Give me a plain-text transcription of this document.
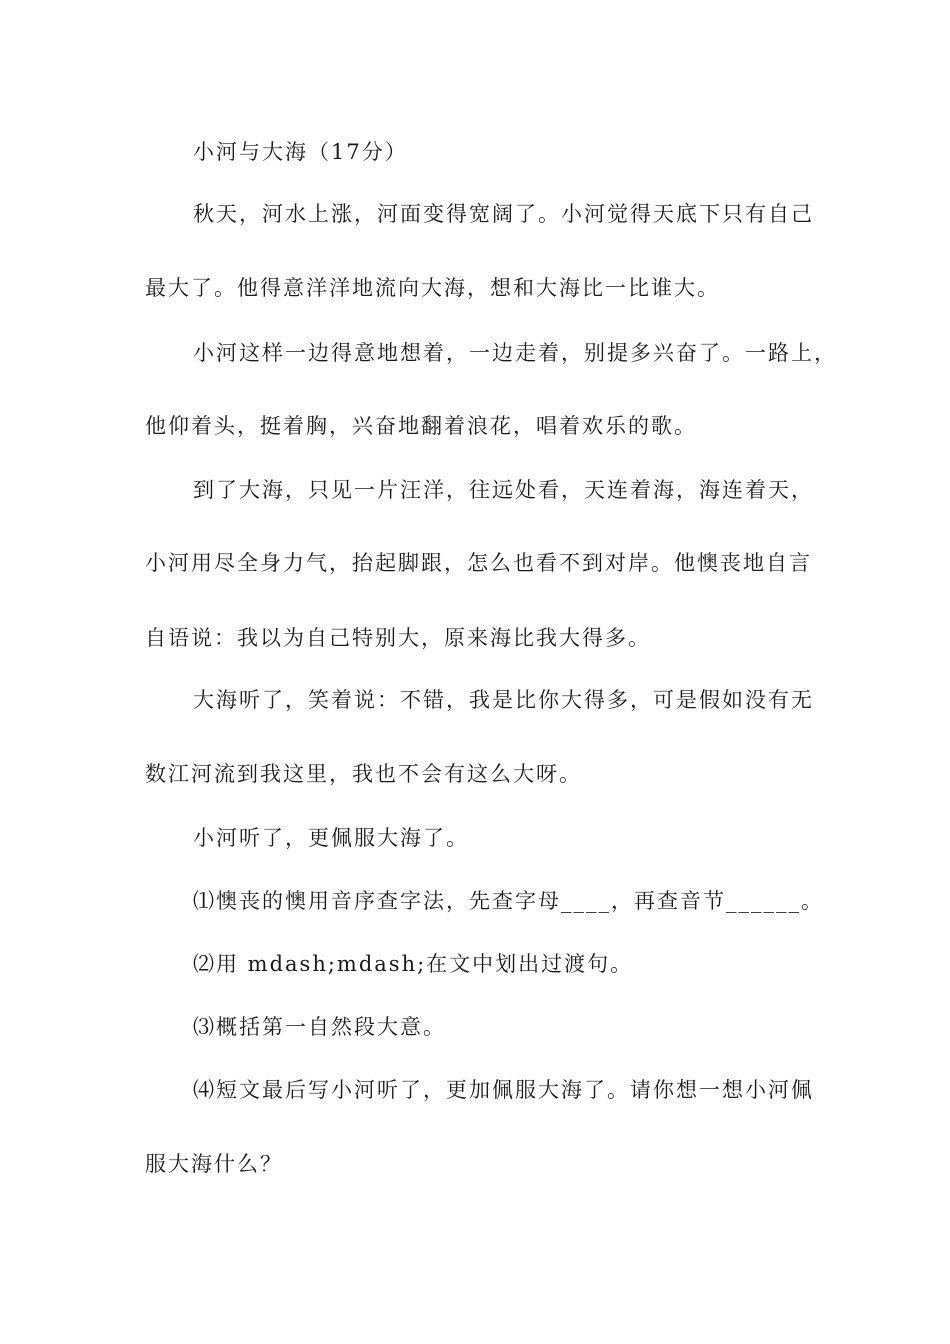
小河与大海（17分）
秋天，河水上涨，河面变得宽阔了。小河觉得天底下只有自己
最大了。他得意洋洋地流向大海，想和大海比一比谁大。
小河这样一边得意地想着，一边走着，别提多兴奋了。一路上，
他仰着头，挺着胸，兴奋地翻着浪花，唱着欢乐的歌。
到了大海，只见一片汪洋，往远处看，天连着海，海连着天，
小河用尽全身力气，抬起脚跟，怎么也看不到对岸。他懊丧地自言
自语说：我以为自己特别大，原来海比我大得多。
大海听了，笑着说：不错，我是比你大得多，可是假如没有无
数江河流到我这里，我也不会有这么大呀。
小河听了，更佩服大海了。
⑴懊丧的懊用音序查字法，先查字母____，再查音节______。
⑵用 mdash;mdash;在文中划出过渡句。
⑶概括第一自然段大意。
⑷短文最后写小河听了，更加佩服大海了。请你想一想小河佩
服大海什么？
